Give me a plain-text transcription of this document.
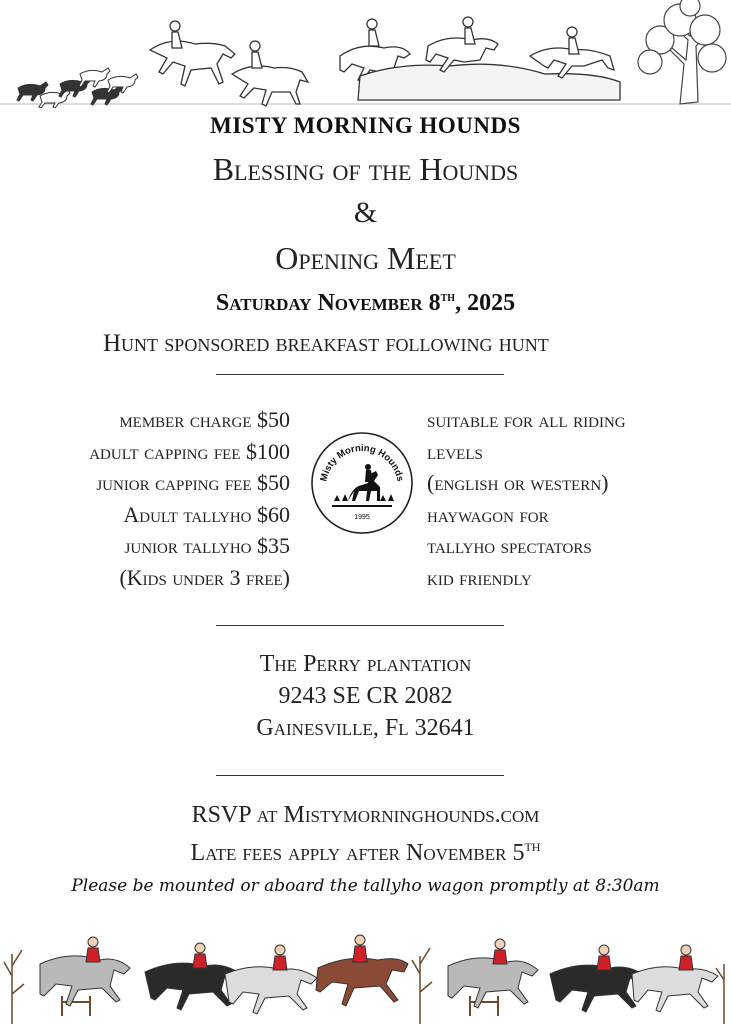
MISTY MORNING HOUNDS
Blessing of the Hounds
&
Opening Meet
Saturday November 8th, 2025
Hunt sponsored breakfast following hunt
member charge $50
adult capping fee $100
junior capping fee $50
Adult tallyho $60
junior tallyho $35
(Kids under 3 free)
Misty Morning Hounds
1995
suitable for all riding
levels
(english or western)
haywagon for
tallyho spectators
kid friendly
The Perry plantation
9243 SE CR 2082
Gainesville, Fl 32641
RSVP at Mistymorninghounds.com
Late fees apply after November 5TH
Please be mounted or aboard the tallyho wagon promptly at 8:30am
